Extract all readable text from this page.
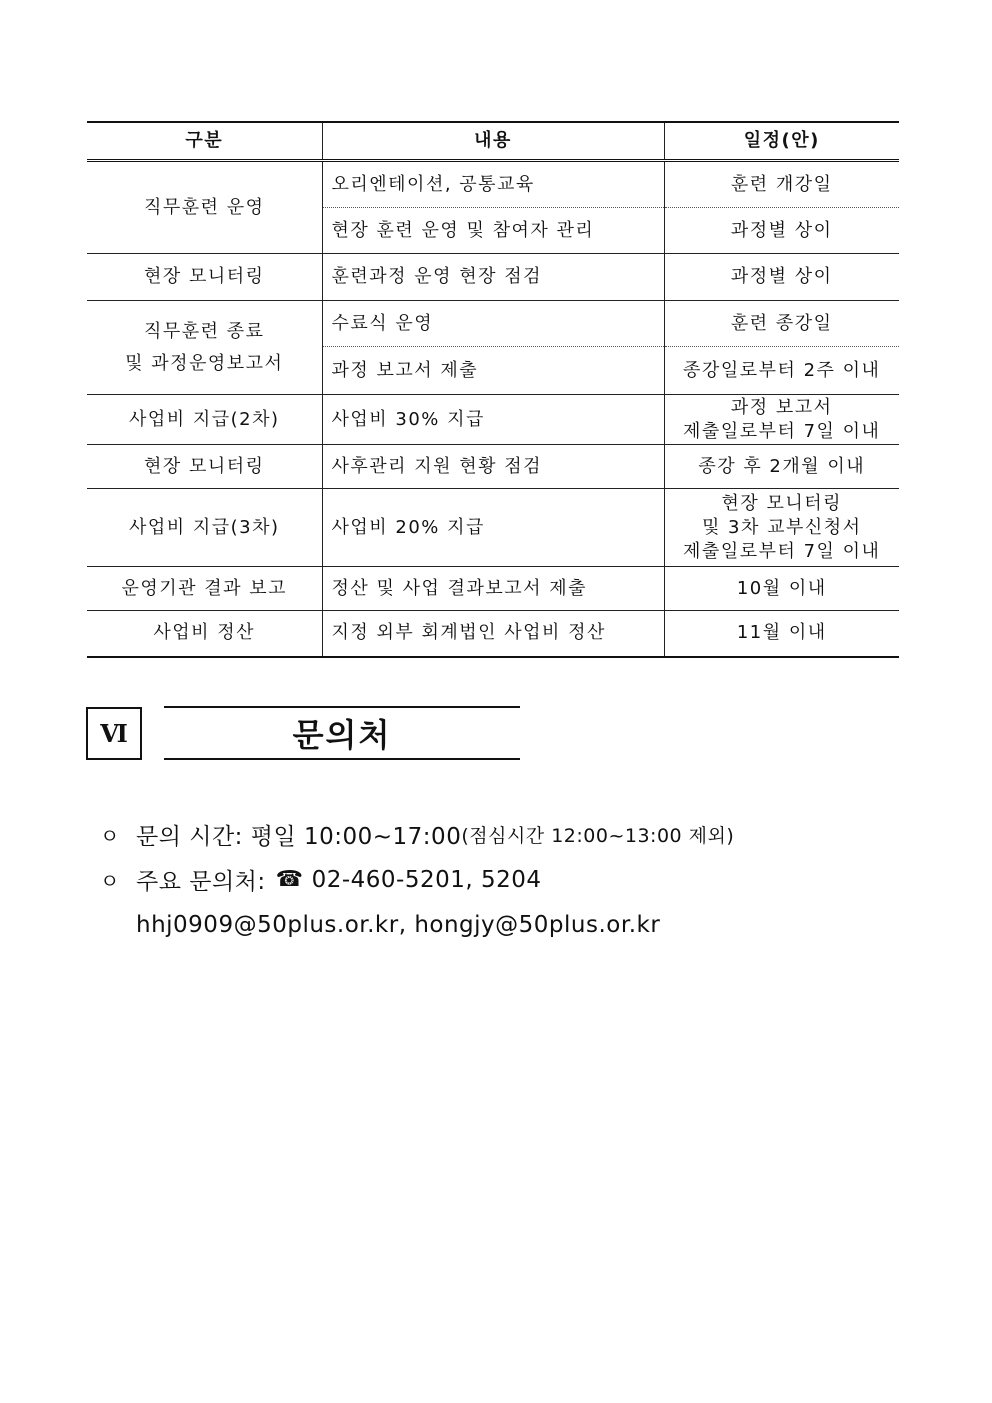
구분	내용	일정(안)
직무훈련 운영	오리엔테이션, 공통교육	훈련 개강일
	현장 훈련 운영 및 참여자 관리	과정별 상이
현장 모니터링	훈련과정 운영 현장 점검	과정별 상이

직무훈련 종료
및 과정운영보고서	수료식 운영	훈련 종강일
	과정 보고서 제출	종강일로부터 2주 이내
사업비 지급(2차)	사업비 30% 지급	과정 보고서
제출일로부터 7일 이내

현장 모니터링	사후관리 지원 현황 점검	종강 후 2개월 이내
사업비 지급(3차)	사업비 20% 지급	현장 모니터링
및 3차 교부신청서
제출일로부터 7일 이내

운영기관 결과 보고	정산 및 사업 결과보고서 제출	10월 이내
사업비 정산	지정 외부 회계법인 사업비 정산	11월 이내
Ⅵ	문의처
ㅇ 문의 시간: 평일 10:00~17:00 (점심시간 12:00~13:00 제외)
ㅇ 주요 문의처: ☎ 02-460-5201, 5204
hhj0909@50plus.or.kr, hongjy@50plus.or.kr
